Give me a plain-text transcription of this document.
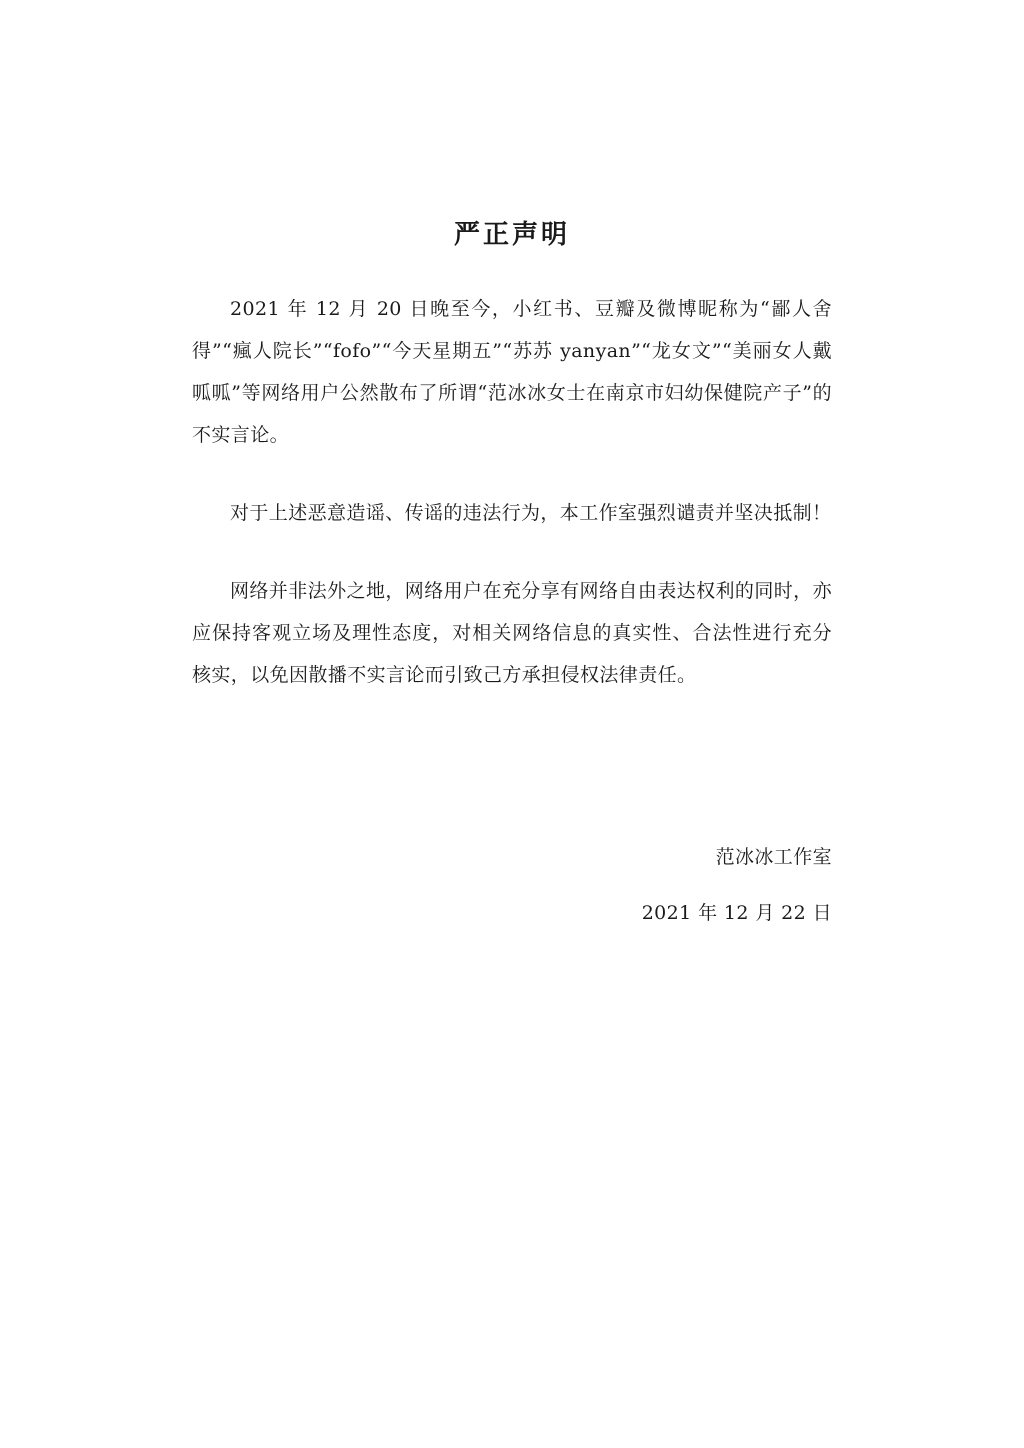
严正声明

2021 年 12 月 20 日晚至今，小红书、豆瓣及微博昵称为“鄙人舍得”“瘋人院长”“fofo”“今天星期五”“苏苏 yanyan”“龙女文”“美丽女人戴呱呱”等网络用户公然散布了所谓“范冰冰女士在南京市妇幼保健院产子”的不实言论。

对于上述恶意造谣、传谣的违法行为，本工作室强烈谴责并坚决抵制！

网络并非法外之地，网络用户在充分享有网络自由表达权利的同时，亦应保持客观立场及理性态度，对相关网络信息的真实性、合法性进行充分核实，以免因散播不实言论而引致己方承担侵权法律责任。

范冰冰工作室
2021 年 12 月 22 日
